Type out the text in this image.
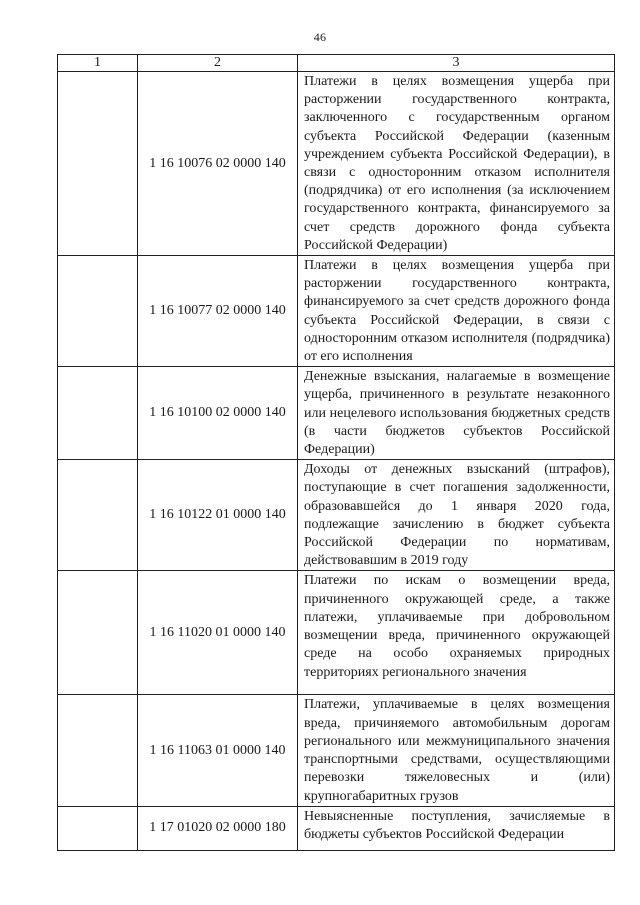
46
1	2	3
	1 16 10076 02 0000 140	Платежи в целях возмещения ущерба при расторжении государственного контракта, заключенного с государственным органом субъекта Российской Федерации (казенным учреждением субъекта Российской Федерации), в связи с односторонним отказом исполнителя (подрядчика) от его исполнения (за исключением государственного контракта, финансируемого за счет средств дорожного фонда субъекта Российской Федерации)
	1 16 10077 02 0000 140	Платежи в целях возмещения ущерба при расторжении государственного контракта, финансируемого за счет средств дорожного фонда субъекта Российской Федерации, в связи с односторонним отказом исполнителя (подрядчика) от его исполнения
	1 16 10100 02 0000 140	Денежные взыскания, налагаемые в возмещение ущерба, причиненного в результате незаконного или нецелевого использования бюджетных средств (в части бюджетов субъектов Российской Федерации)
	1 16 10122 01 0000 140	Доходы от денежных взысканий (штрафов), поступающие в счет погашения задолженности, образовавшейся до 1 января 2020 года, подлежащие зачислению в бюджет субъекта Российской Федерации по нормативам, действовавшим в 2019 году
	1 16 11020 01 0000 140	Платежи по искам о возмещении вреда, причиненного окружающей среде, а также платежи, уплачиваемые при добровольном возмещении вреда, причиненного окружающей среде на особо охраняемых природных территориях регионального значения
	1 16 11063 01 0000 140	Платежи, уплачиваемые в целях возмещения вреда, причиняемого автомобильным дорогам регионального или межмуниципального значения транспортными средствами, осуществляющими перевозки тяжеловесных и (или) крупногабаритных грузов
	1 17 01020 02 0000 180	Невыясненные поступления, зачисляемые в бюджеты субъектов Российской Федерации
